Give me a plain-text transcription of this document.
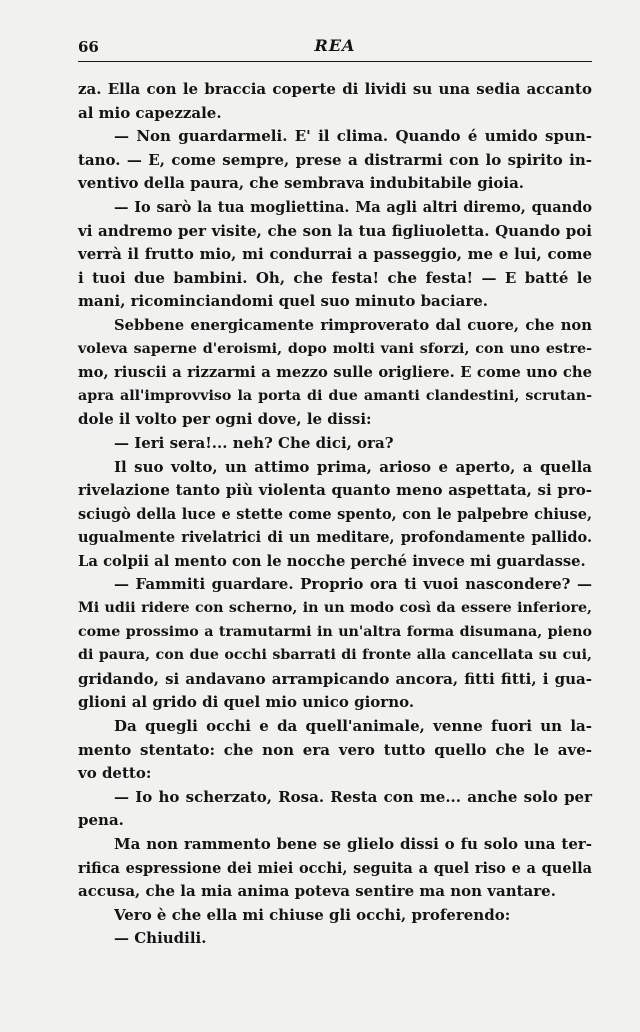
66	REA
za. Ella con le braccia coperte di lividi su una sedia accanto
al mio capezzale.
— Non guardarmeli. E' il clima. Quando é umido spun-
tano. — E, come sempre, prese a distrarmi con lo spirito in-
ventivo della paura, che sembrava indubitabile gioia.
— Io sarò la tua mogliettina. Ma agli altri diremo, quando
vi andremo per visite, che son la tua figliuoletta. Quando poi
verrà il frutto mio, mi condurrai a passeggio, me e lui, come
i tuoi due bambini. Oh, che festa! che festa! — E batté le
mani, ricominciandomi quel suo minuto baciare.
Sebbene energicamente rimproverato dal cuore, che non
voleva saperne d'eroismi, dopo molti vani sforzi, con uno estre-
mo, riuscii a rizzarmi a mezzo sulle origliere. E come uno che
apra all'improvviso la porta di due amanti clandestini, scrutan-
dole il volto per ogni dove, le dissi:
— Ieri sera!... neh? Che dici, ora?
Il suo volto, un attimo prima, arioso e aperto, a quella
rivelazione tanto più violenta quanto meno aspettata, si pro-
sciugò della luce e stette come spento, con le palpebre chiuse,
ugualmente rivelatrici di un meditare, profondamente pallido.
La colpii al mento con le nocche perché invece mi guardasse.
— Fammiti guardare. Proprio ora ti vuoi nascondere? —
Mi udii ridere con scherno, in un modo così da essere inferiore,
come prossimo a tramutarmi in un'altra forma disumana, pieno
di paura, con due occhi sbarrati di fronte alla cancellata su cui,
gridando, si andavano arrampicando ancora, fitti fitti, i gua-
glioni al grido di quel mio unico giorno.
Da quegli occhi e da quell'animale, venne fuori un la-
mento stentato: che non era vero tutto quello che le ave-
vo detto:
— Io ho scherzato, Rosa. Resta con me... anche solo per
pena.
Ma non rammento bene se glielo dissi o fu solo una ter-
rifica espressione dei miei occhi, seguita a quel riso e a quella
accusa, che la mia anima poteva sentire ma non vantare.
Vero è che ella mi chiuse gli occhi, proferendo:
— Chiudili.
